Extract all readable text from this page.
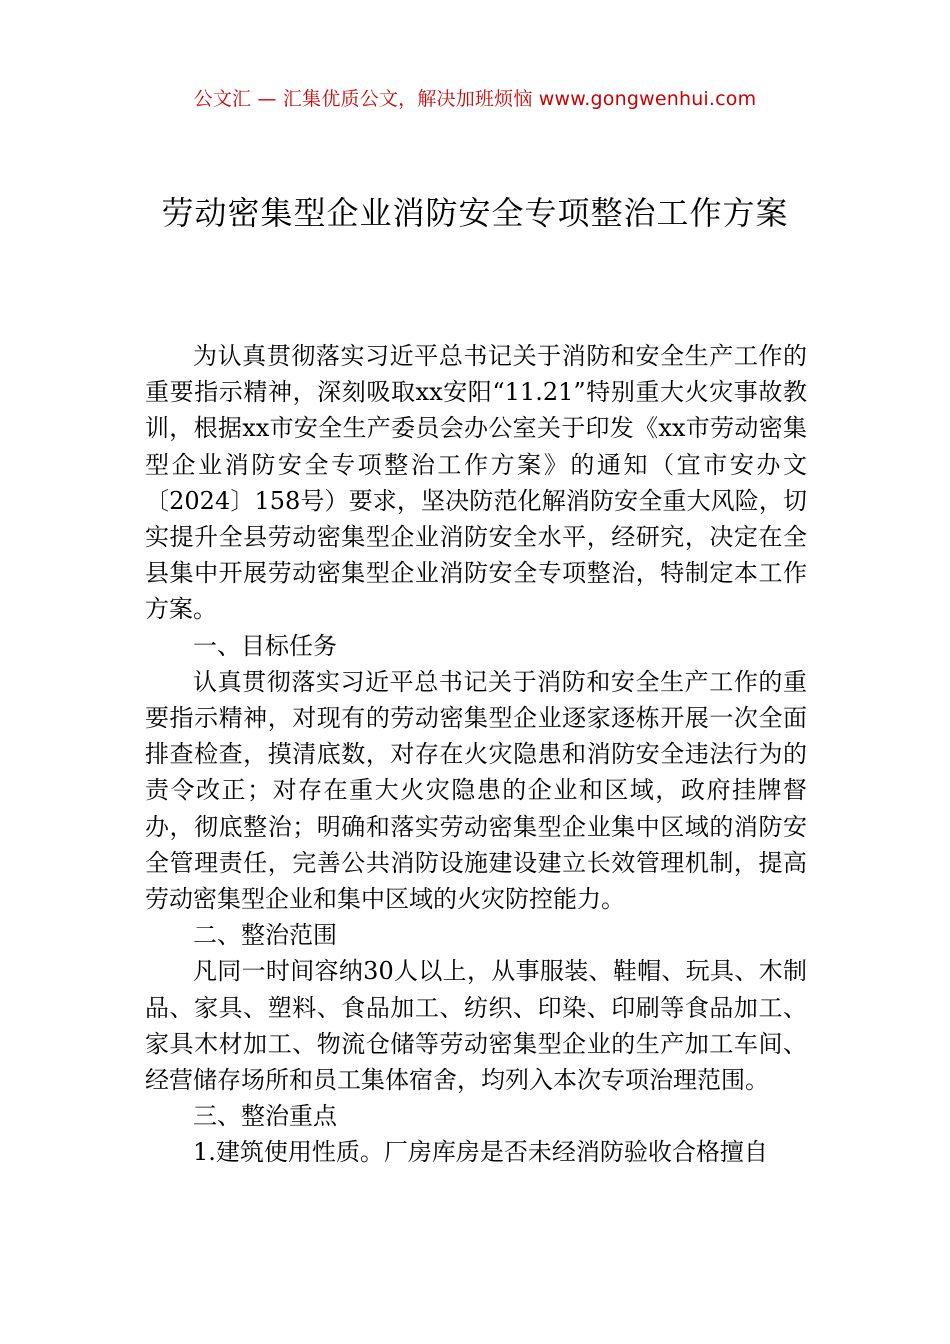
公文汇 — 汇集优质公文，解决加班烦恼 www.gongwenhui.com
劳动密集型企业消防安全专项整治工作方案

为认真贯彻落实习近平总书记关于消防和安全生产工作的重要指示精神，深刻吸取xx安阳“11.21”特别重大火灾事故教训，根据xx市安全生产委员会办公室关于印发《xx市劳动密集型企业消防安全专项整治工作方案》的通知（宜市安办文〔2024〕158号）要求，坚决防范化解消防安全重大风险，切实提升全县劳动密集型企业消防安全水平，经研究，决定在全县集中开展劳动密集型企业消防安全专项整治，特制定本工作方案。

一、目标任务

认真贯彻落实习近平总书记关于消防和安全生产工作的重要指示精神，对现有的劳动密集型企业逐家逐栋开展一次全面排查检查，摸清底数，对存在火灾隐患和消防安全违法行为的责令改正；对存在重大火灾隐患的企业和区域，政府挂牌督办，彻底整治；明确和落实劳动密集型企业集中区域的消防安全管理责任，完善公共消防设施建设建立长效管理机制，提高劳动密集型企业和集中区域的火灾防控能力。

二、整治范围

凡同一时间容纳30人以上，从事服装、鞋帽、玩具、木制品、家具、塑料、食品加工、纺织、印染、印刷等食品加工、家具木材加工、物流仓储等劳动密集型企业的生产加工车间、经营储存场所和员工集体宿舍，均列入本次专项治理范围。

三、整治重点

1.建筑使用性质。厂房库房是否未经消防验收合格擅自
